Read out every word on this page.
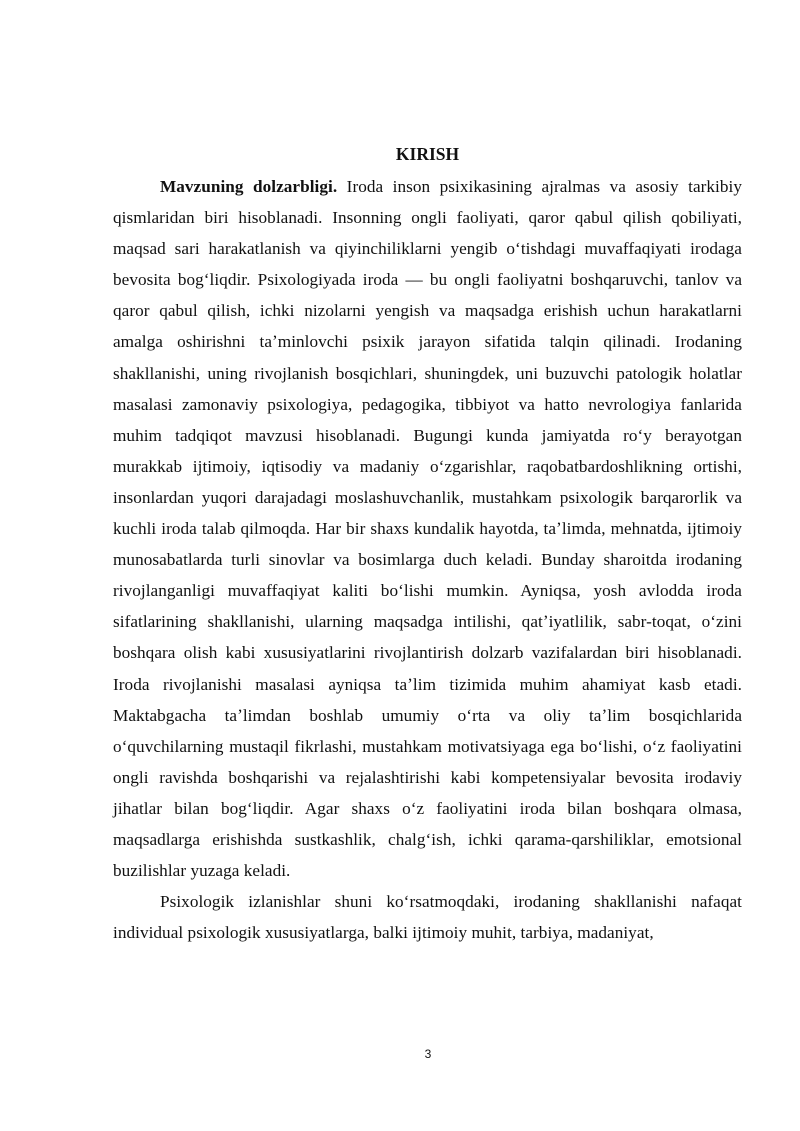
KIRISH

Mavzuning dolzarbligi. Iroda inson psixikasining ajralmas va asosiy tarkibiy qismlaridan biri hisoblanadi. Insonning ongli faoliyati, qaror qabul qilish qobiliyati, maqsad sari harakatlanish va qiyinchiliklarni yengib oʻtishdagi muvaffaqiyati irodaga bevosita bogʻliqdir. Psixologiyada iroda — bu ongli faoliyatni boshqaruvchi, tanlov va qaror qabul qilish, ichki nizolarni yengish va maqsadga erishish uchun harakatlarni amalga oshirishni taʼminlovchi psixik jarayon sifatida talqin qilinadi. Irodaning shakllanishi, uning rivojlanish bosqichlari, shuningdek, uni buzuvchi patologik holatlar masalasi zamonaviy psixologiya, pedagogika, tibbiyot va hatto nevrologiya fanlarida muhim tadqiqot mavzusi hisoblanadi. Bugungi kunda jamiyatda roʻy berayotgan murakkab ijtimoiy, iqtisodiy va madaniy oʻzgarishlar, raqobatbardoshlikning ortishi, insonlardan yuqori darajadagi moslashuvchanlik, mustahkam psixologik barqarorlik va kuchli iroda talab qilmoqda. Har bir shaxs kundalik hayotda, taʼlimda, mehnatda, ijtimoiy munosabatlarda turli sinovlar va bosimlarga duch keladi. Bunday sharoitda irodaning rivojlanganligi muvaffaqiyat kaliti boʻlishi mumkin. Ayniqsa, yosh avlodda iroda sifatlarining shakllanishi, ularning maqsadga intilishi, qatʼiyatlilik, sabr-toqat, oʻzini boshqara olish kabi xususiyatlarini rivojlantirish dolzarb vazifalardan biri hisoblanadi. Iroda rivojlanishi masalasi ayniqsa taʼlim tizimida muhim ahamiyat kasb etadi. Maktabgacha taʼlimdan boshlab umumiy oʻrta va oliy taʼlim bosqichlarida oʻquvchilarning mustaqil fikrlashi, mustahkam motivatsiyaga ega boʻlishi, oʻz faoliyatini ongli ravishda boshqarishi va rejalashtirishi kabi kompetensiyalar bevosita irodaviy jihatlar bilan bogʻliqdir. Agar shaxs oʻz faoliyatini iroda bilan boshqara olmasa, maqsadlarga erishishda sustkashlik, chalgʻish, ichki qarama-qarshiliklar, emotsional buzilishlar yuzaga keladi.

Psixologik izlanishlar shuni koʻrsatmoqdaki, irodaning shakllanishi nafaqat individual psixologik xususiyatlarga, balki ijtimoiy muhit, tarbiya, madaniyat,

3
